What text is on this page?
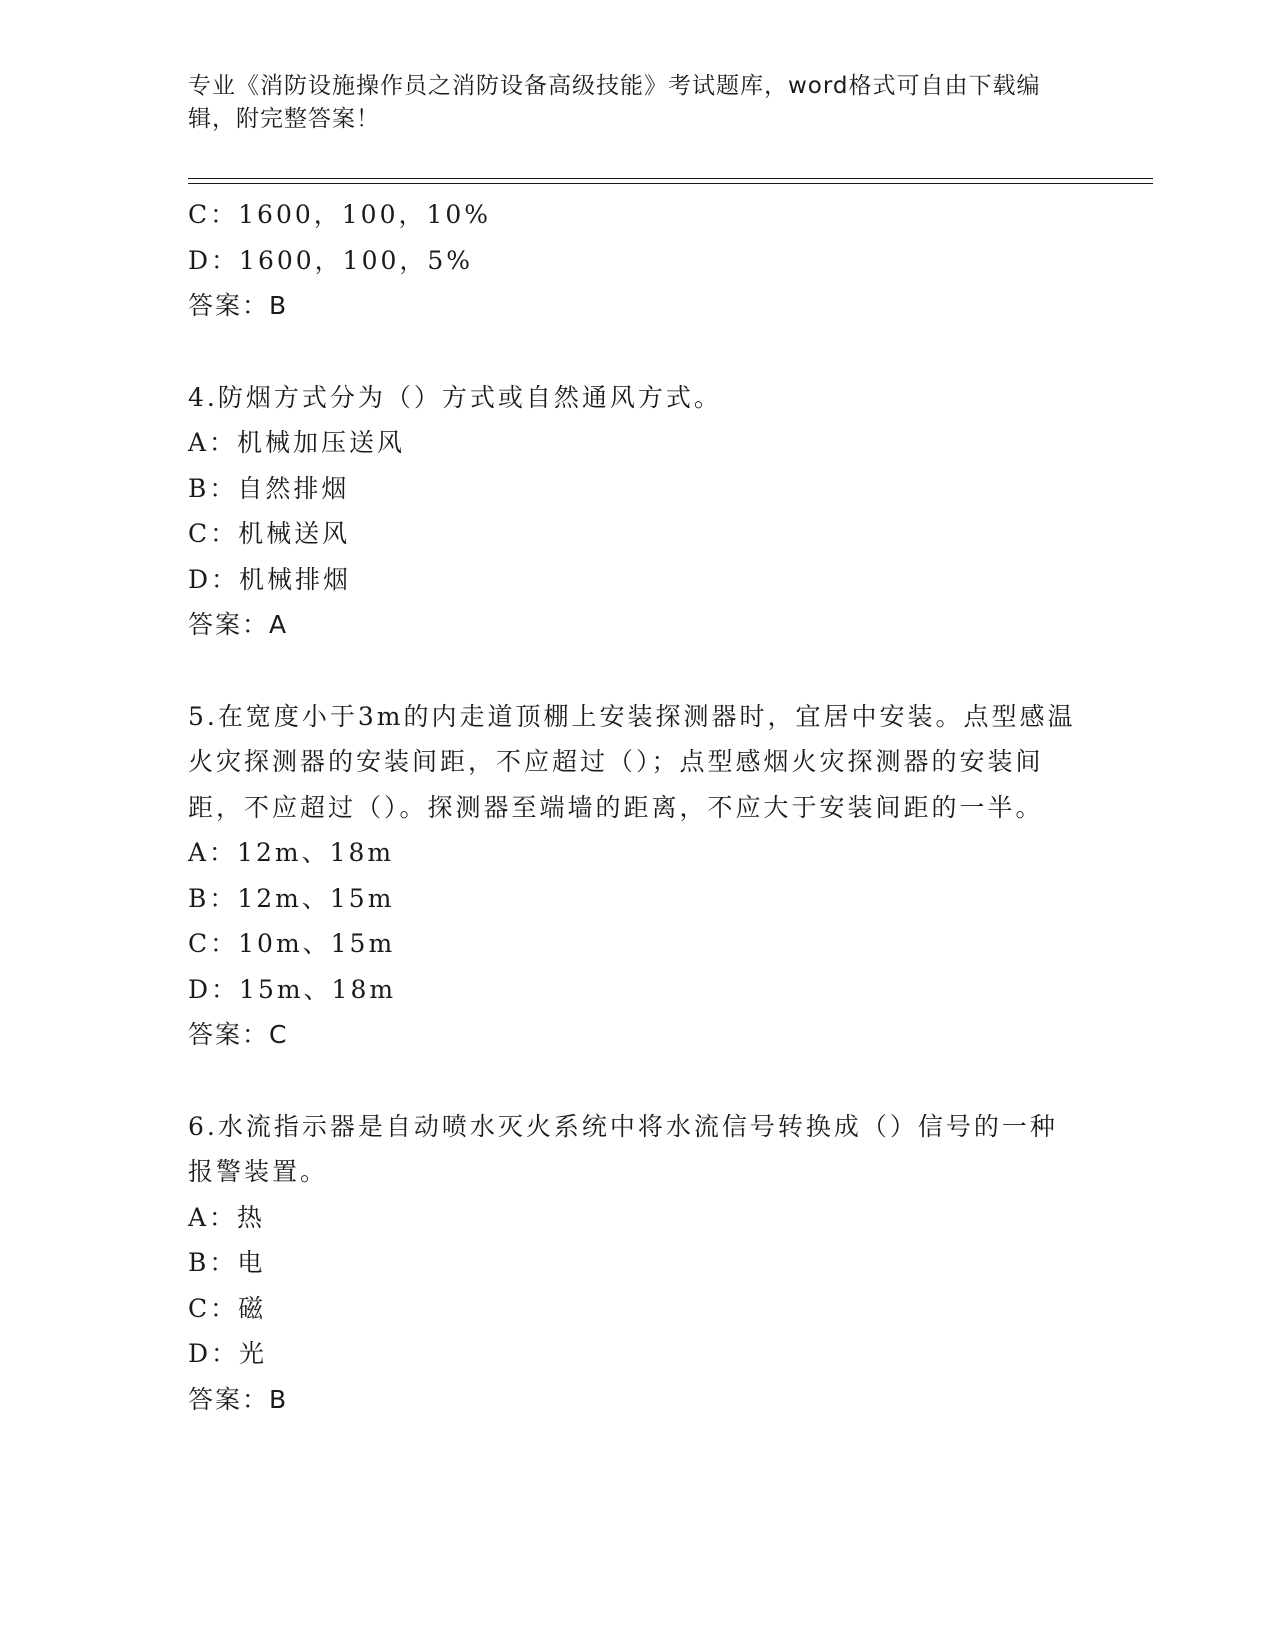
专业《消防设施操作员之消防设备高级技能》考试题库，word格式可自由下载编辑，附完整答案！
C：1600，100，10%
D：1600，100，5%
答案：B
4.防烟方式分为（）方式或自然通风方式。
A：机械加压送风
B：自然排烟
C：机械送风
D：机械排烟
答案：A
5.在宽度小于3m的内走道顶棚上安装探测器时，宜居中安装。点型感温火灾探测器的安装间距，不应超过（）；点型感烟火灾探测器的安装间距，不应超过（）。探测器至端墙的距离，不应大于安装间距的一半。
A：12m、18m
B：12m、15m
C：10m、15m
D：15m、18m
答案：C
6.水流指示器是自动喷水灭火系统中将水流信号转换成（）信号的一种报警装置。
A：热
B：电
C：磁
D：光
答案：B
